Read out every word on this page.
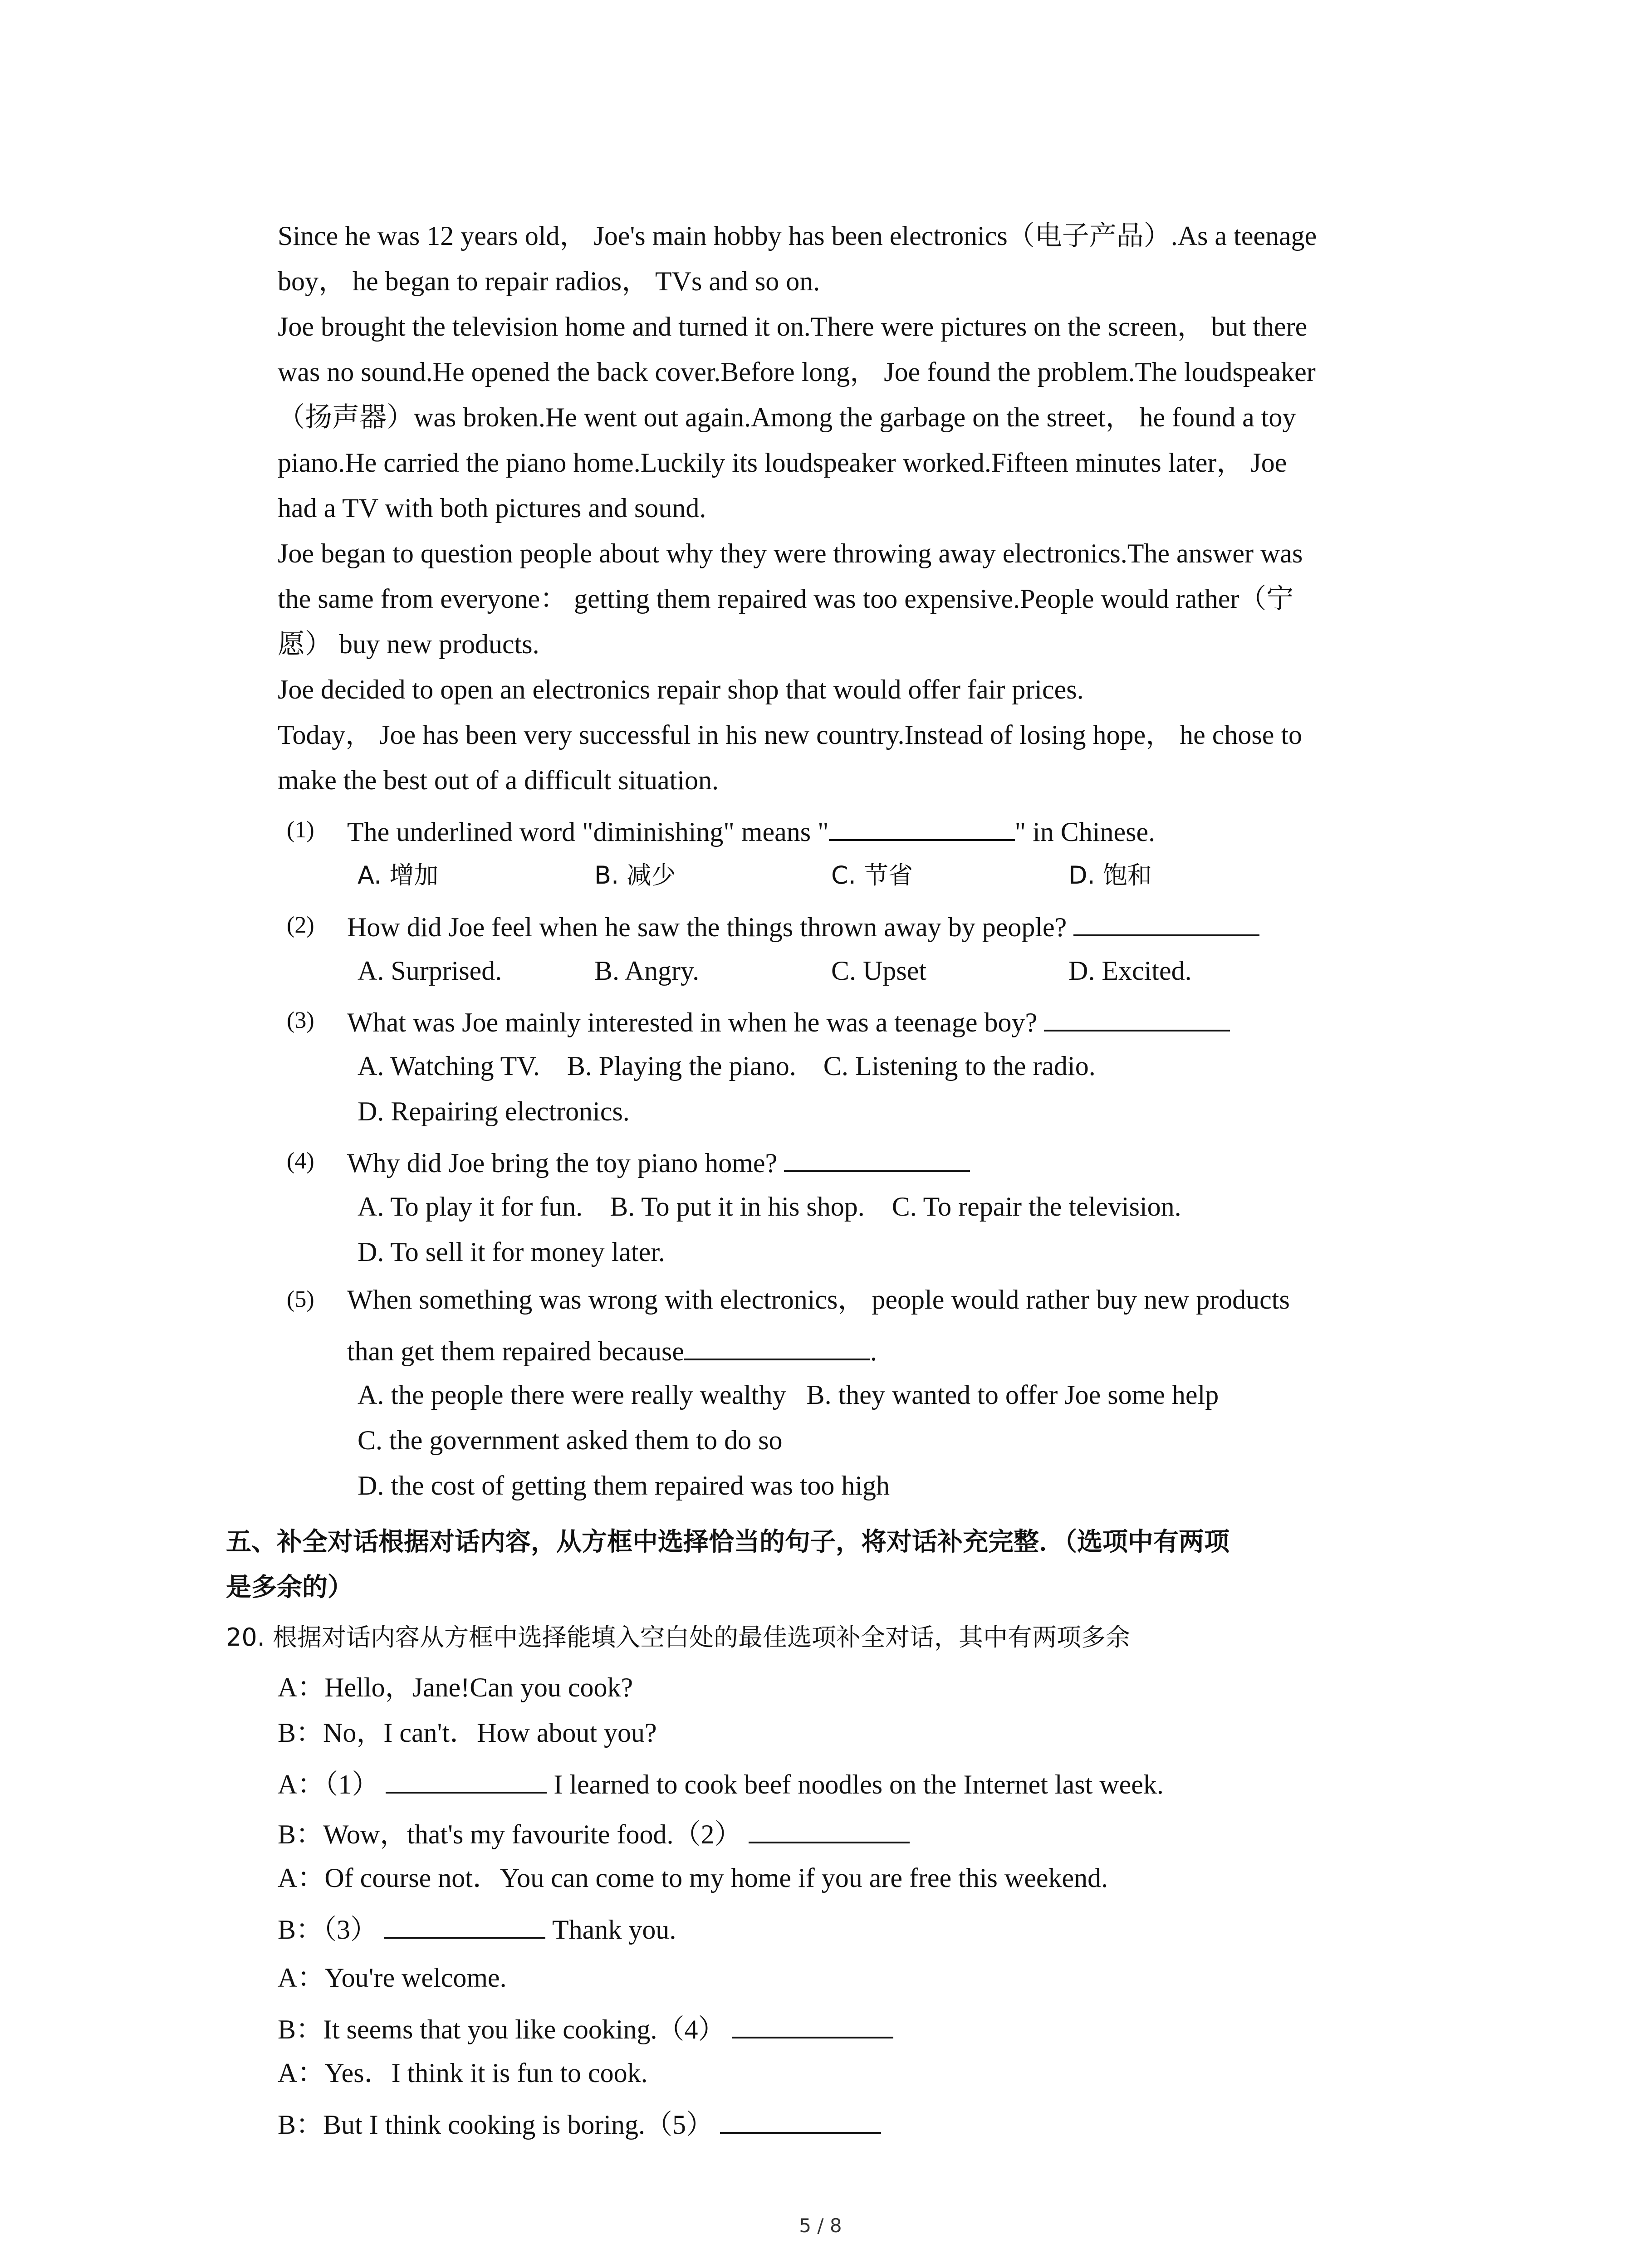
Since he was 12 years old， Joe's main hobby has been electronics（电子产品）.As a teenage
boy， he began to repair radios， TVs and so on.
Joe brought the television home and turned it on.There were pictures on the screen， but there
was no sound.He opened the back cover.Before long， Joe found the problem.The loudspeaker
（扬声器）was broken.He went out again.Among the garbage on the street， he found a toy
piano.He carried the piano home.Luckily its loudspeaker worked.Fifteen minutes later， Joe
had a TV with both pictures and sound.
Joe began to question people about why they were throwing away electronics.The answer was
the same from everyone： getting them repaired was too expensive.People would rather（宁
愿） buy new products.
Joe decided to open an electronics repair shop that would offer fair prices.
Today， Joe has been very successful in his new country.Instead of losing hope， he chose to
make the best out of a difficult situation.
(1) The underlined word "diminishing" means "	" in Chinese.
A. 增加	B. 减少	C. 节省	D. 饱和
(2) How did Joe feel when he saw the things thrown away by people?
A. Surprised.	B. Angry.	C. Upset	D. Excited.
(3) What was Joe mainly interested in when he was a teenage boy?
A. Watching TV.    B. Playing the piano.    C. Listening to the radio.
D. Repairing electronics.
(4) Why did Joe bring the toy piano home?
A. To play it for fun.    B. To put it in his shop.    C. To repair the television.
D. To sell it for money later.
(5) When something was wrong with electronics， people would rather buy new products
than get them repaired because	.
A. the people there were really wealthy   B. they wanted to offer Joe some help
C. the government asked them to do so
D. the cost of getting them repaired was too high
五、补全对话根据对话内容，从方框中选择恰当的句子，将对话补充完整．（选项中有两项
是多余的）
20. 根据对话内容从方框中选择能填入空白处的最佳选项补全对话，其中有两项多余
A：Hello，Jane!Can you cook?
B：No，I can't．How about you?
A：（1）	I learned to cook beef noodles on the Internet last week.
B：Wow，that's my favourite food.（2）
A：Of course not．You can come to my home if you are free this weekend.
B：（3）	Thank you.
A：You're welcome.
B：It seems that you like cooking.（4）
A：Yes．I think it is fun to cook.
B：But I think cooking is boring.（5）
5 / 8
